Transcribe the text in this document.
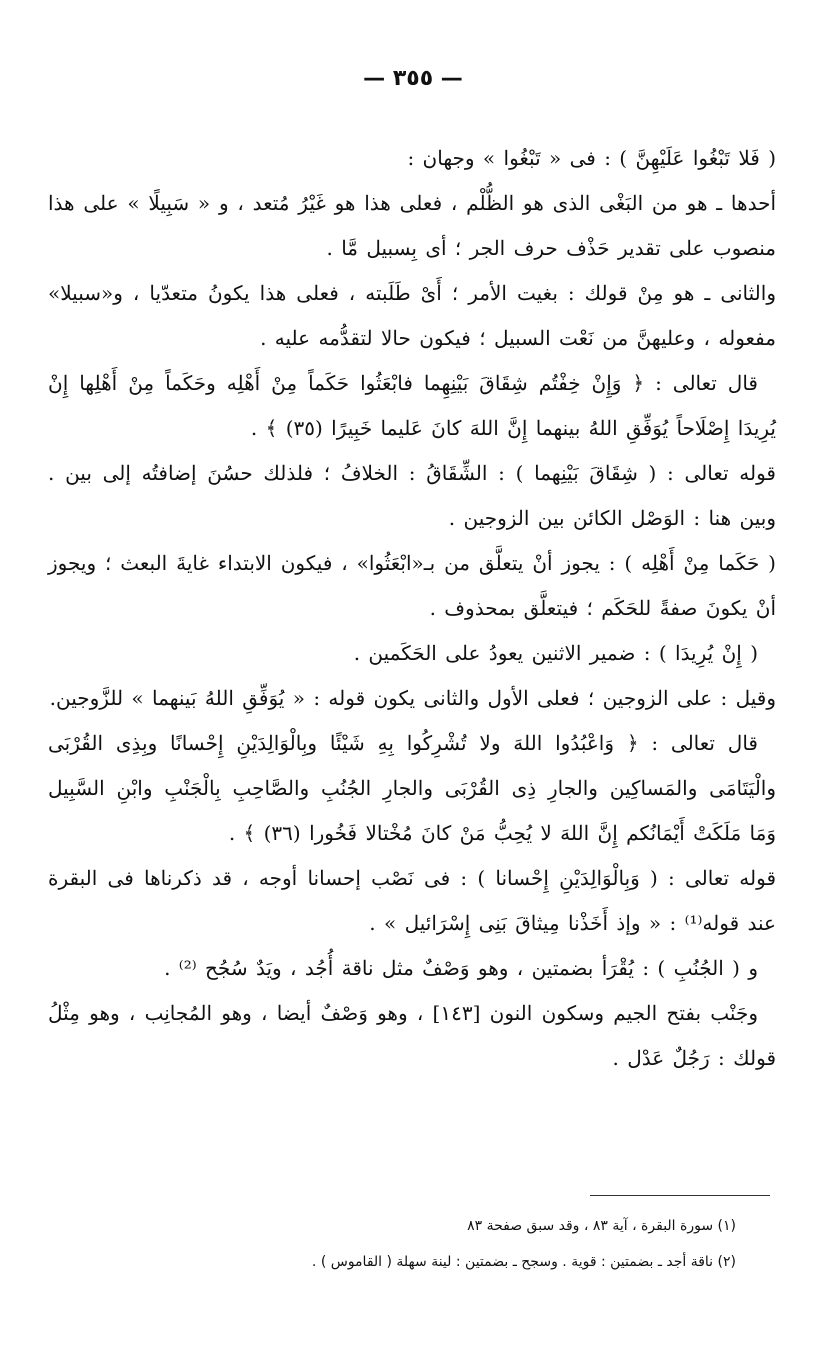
— ٣٥٥ —

( فَلا تَبْغُوا عَلَيْهِنَّ ) : فى « تَبْغُوا » وجهان :

أحدها ـ هو من البَغْى الذى هو الظُّلْم ، فعلى هذا هو غَيْرُ مُتعد ، و « سَبِيلًا » على هذا منصوب على تقدير حَذْف حرف الجر ؛ أى بِسبيل مَّا .

والثانى ـ هو مِنْ قولك : بغيت الأمر ؛ أَىْ طَلَبته ، فعلى هذا يكونُ متعدّيا ، و«سبيلا» مفعوله ، وعليهنَّ من نَعْت السبيل ؛ فيكون حالا لتقدُّمه عليه .

قال تعالى : ﴿ وَإِنْ خِفْتُم شِقَاقَ بَيْنِهِما فابْعَثُوا حَكَماً مِنْ أَهْلِه وحَكَماً مِنْ أَهْلِها إِنْ يُرِيدَا إِصْلَاحاً يُوَفِّقِ اللهُ بينهما إِنَّ اللهَ كانَ عَليما خَبِيرًا (٣٥) ﴾ .

قوله تعالى : ( شِقَاقَ بَيْنِهما ) : الشِّقَاقُ : الخلافُ ؛ فلذلك حسُنَ إضافتُه إلى بين . وبين هنا : الوَصْل الكائن بين الزوجين .

( حَكَما مِنْ أَهْلِه ) : يجوز أنْ يتعلَّق من بـ«ابْعَثُوا» ، فيكون الابتداء غايةَ البعث ؛ ويجوز أنْ يكونَ صفةً للحَكَم ؛ فيتعلَّق بمحذوف .

( إِنْ يُرِيدَا ) : ضمير الاثنين يعودُ على الحَكَمين .

وقيل : على الزوجين ؛ فعلى الأول والثانى يكون قوله : « يُوَفِّقِ اللهُ بَينهما » للزَّوجين.

قال تعالى : ﴿ وَاعْبُدُوا اللهَ ولا تُشْرِكُوا بِهِ شَيْئًا وبِالْوَالِدَيْنِ إِحْسانًا وبِذِى القُرْبَى والْيَتَامَى والمَساكِين والجارِ ذِى القُرْبَى والجارِ الجُنُبِ والصَّاحِبِ بِالْجَنْبِ وابْنِ السَّبِيل وَمَا مَلَكَتْ أَيْمَانُكم إِنَّ اللهَ لا يُحِبُّ مَنْ كانَ مُخْتالا فَخُورا (٣٦) ﴾ .

قوله تعالى : ( وَبِالْوَالِدَيْنِ إِحْسانا ) : فى نَصْب إحسانا أوجه ، قد ذكرناها فى البقرة عند قوله⁽¹⁾ : « وإذ أَخَذْنا مِيثاقَ بَنِى إِسْرَائيل » .

و ( الجُنُبِ ) : يُقْرَأ بضمتين ، وهو وَصْفٌ مثل ناقة أُجُد ، ويَدٌ سُجُح ⁽²⁾ .

وجَنْب بفتح الجيم وسكون النون [١٤٣] ، وهو وَصْفٌ أيضا ، وهو المُجانِب ، وهو مِثْلُ قولك : رَجُلٌ عَدْل .

(١) سورة البقرة ، آية ٨٣ ، وقد سبق صفحة ٨٣

(٢) ناقة أجد ـ بضمتين : قوية . وسجح ـ بضمتين : لينة سهلة ( القاموس ) .
